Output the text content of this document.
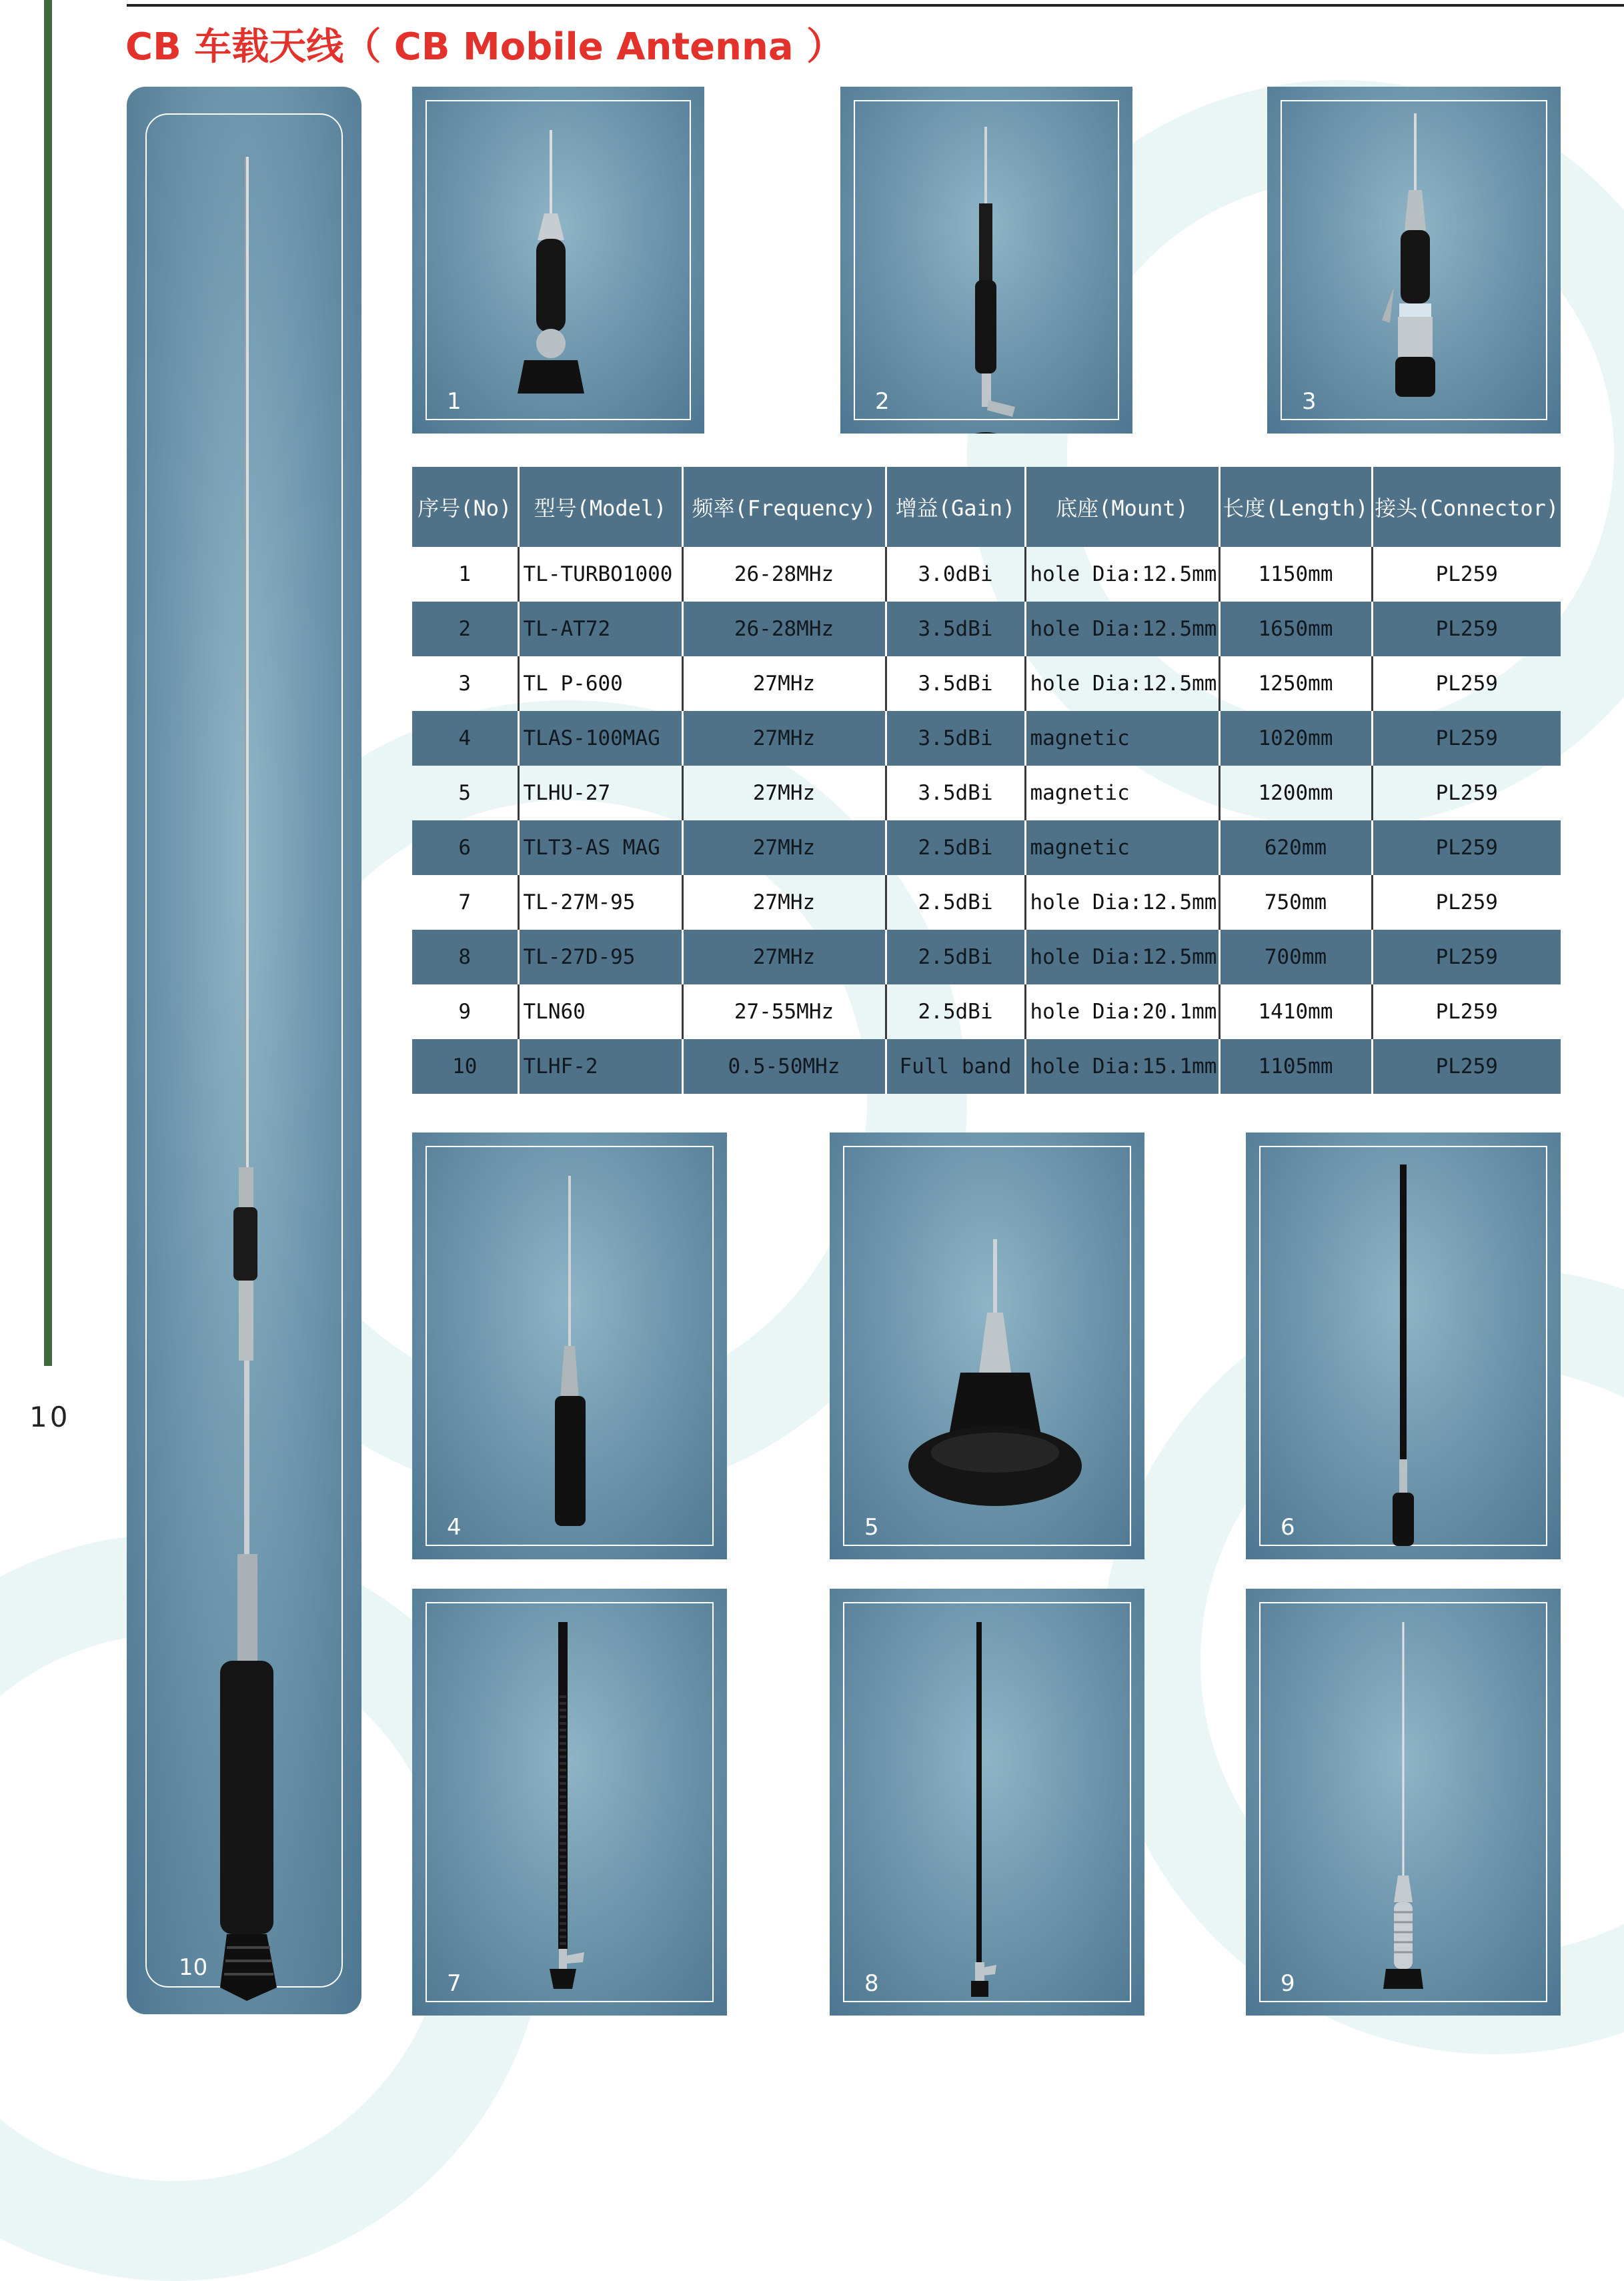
10
CB 车载天线（ CB Mobile Antenna ）
10
1	2	3
序号(No)	型号(Model)	频率(Frequency)	增益(Gain)	底座(Mount)	长度(Length)	接头(Connector)
1	TL-TURBO1000	26-28MHz	3.0dBi	hole Dia:12.5mm	1150mm	PL259
2	TL-AT72	26-28MHz	3.5dBi	hole Dia:12.5mm	1650mm	PL259
3	TL P-600	27MHz	3.5dBi	hole Dia:12.5mm	1250mm	PL259
4	TLAS-100MAG	27MHz	3.5dBi	magnetic	1020mm	PL259
5	TLHU-27	27MHz	3.5dBi	magnetic	1200mm	PL259
6	TLT3-AS MAG	27MHz	2.5dBi	magnetic	620mm	PL259
7	TL-27M-95	27MHz	2.5dBi	hole Dia:12.5mm	750mm	PL259
8	TL-27D-95	27MHz	2.5dBi	hole Dia:12.5mm	700mm	PL259
9	TLN60	27-55MHz	2.5dBi	hole Dia:20.1mm	1410mm	PL259
10	TLHF-2	0.5-50MHz	Full band	hole Dia:15.1mm	1105mm	PL259
4	5	6
7	8	9
